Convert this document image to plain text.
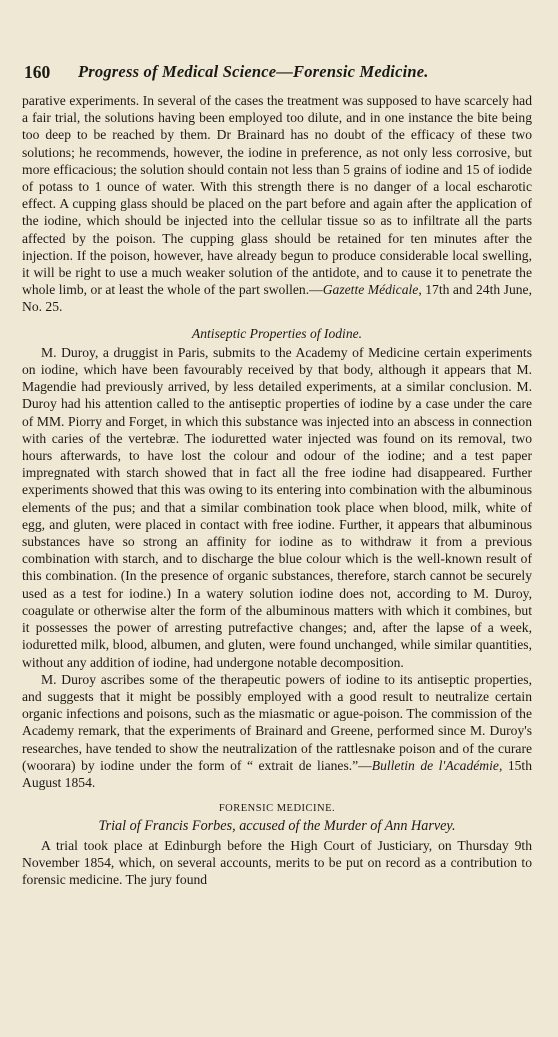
160 Progress of Medical Science—Forensic Medicine.

parative experiments. In several of the cases the treatment was supposed to have scarcely had a fair trial, the solutions having been employed too dilute, and in one instance the bite being too deep to be reached by them. Dr Brainard has no doubt of the efficacy of these two solutions; he recommends, however, the iodine in preference, as not only less corrosive, but more efficacious; the solution should contain not less than 5 grains of iodine and 15 of iodide of potass to 1 ounce of water. With this strength there is no danger of a local escharotic effect. A cupping glass should be placed on the part before and again after the application of the iodine, which should be injected into the cellular tissue so as to infiltrate all the parts affected by the poison. The cupping glass should be retained for ten minutes after the injection. If the poison, however, have already begun to produce considerable local swelling, it will be right to use a much weaker solution of the antidote, and to cause it to penetrate the whole limb, or at least the whole of the part swollen.—Gazette Médicale, 17th and 24th June, No. 25.

Antiseptic Properties of Iodine.

M. Duroy, a druggist in Paris, submits to the Academy of Medicine certain experiments on iodine, which have been favourably received by that body, although it appears that M. Magendie had previously arrived, by less detailed experiments, at a similar conclusion. M. Duroy had his attention called to the antiseptic properties of iodine by a case under the care of MM. Piorry and Forget, in which this substance was injected into an abscess in connection with caries of the vertebræ. The ioduretted water injected was found on its removal, two hours afterwards, to have lost the colour and odour of the iodine; and a test paper impregnated with starch showed that in fact all the free iodine had disappeared. Further experiments showed that this was owing to its entering into combination with the albuminous elements of the pus; and that a similar combination took place when blood, milk, white of egg, and gluten, were placed in contact with free iodine. Further, it appears that albuminous substances have so strong an affinity for iodine as to withdraw it from a previous combination with starch, and to discharge the blue colour which is the well-known result of this combination. (In the presence of organic substances, therefore, starch cannot be securely used as a test for iodine.) In a watery solution iodine does not, according to M. Duroy, coagulate or otherwise alter the form of the albuminous matters with which it combines, but it possesses the power of arresting putrefactive changes; and, after the lapse of a week, ioduretted milk, blood, albumen, and gluten, were found unchanged, while similar quantities, without any addition of iodine, had undergone notable decomposition.

M. Duroy ascribes some of the therapeutic powers of iodine to its antiseptic properties, and suggests that it might be possibly employed with a good result to neutralize certain organic infections and poisons, such as the miasmatic or ague-poison. The commission of the Academy remark, that the experiments of Brainard and Greene, performed since M. Duroy's researches, have tended to show the neutralization of the rattlesnake poison and of the curare (woorara) by iodine under the form of “ extrait de lianes.”—Bulletin de l'Académie, 15th August 1854.

FORENSIC MEDICINE.
Trial of Francis Forbes, accused of the Murder of Ann Harvey.

A trial took place at Edinburgh before the High Court of Justiciary, on Thursday 9th November 1854, which, on several accounts, merits to be put on record as a contribution to forensic medicine. The jury found
